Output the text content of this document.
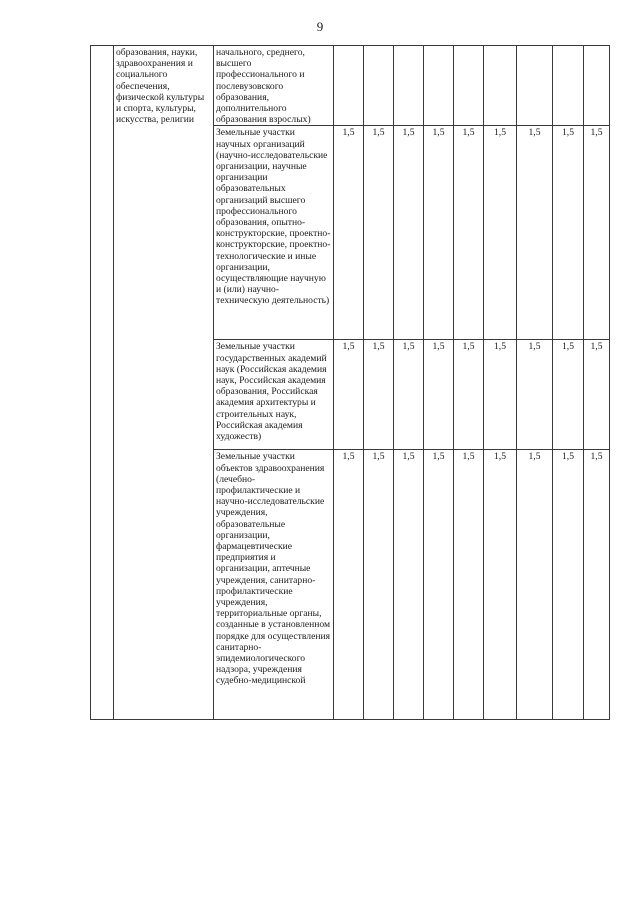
9
	образования, науки, здравоохранения и социального обеспечения, физической культуры и спорта, культуры, искусства, религии	начального, среднего, высшего профессионального и послевузовского образования, дополнительного образования взрослых)									
		Земельные участки научных организаций (научно-исследовательские организации, научные организации образовательных организаций высшего профессионального образования, опытно-конструкторские, проектно-конструкторские, проектно-технологические и иные организации, осуществляющие научную и (или) научно-техническую деятельность)	1,5	1,5	1,5	1,5	1,5	1,5	1,5	1,5	1,5
		Земельные участки государственных академий наук (Российская академия наук, Российская академия образования, Российская академия архитектуры и строительных наук, Российская академия художеств)	1,5	1,5	1,5	1,5	1,5	1,5	1,5	1,5	1,5
		Земельные участки объектов здравоохранения (лечебно-профилактические и научно-исследовательские учреждения, образовательные организации, фармацевтические предприятия и организации, аптечные учреждения, санитарно-профилактические учреждения, территориальные органы, созданные в установленном порядке для осуществления санитарно-эпидемиологического надзора, учреждения судебно-медицинской	1,5	1,5	1,5	1,5	1,5	1,5	1,5	1,5	1,5
